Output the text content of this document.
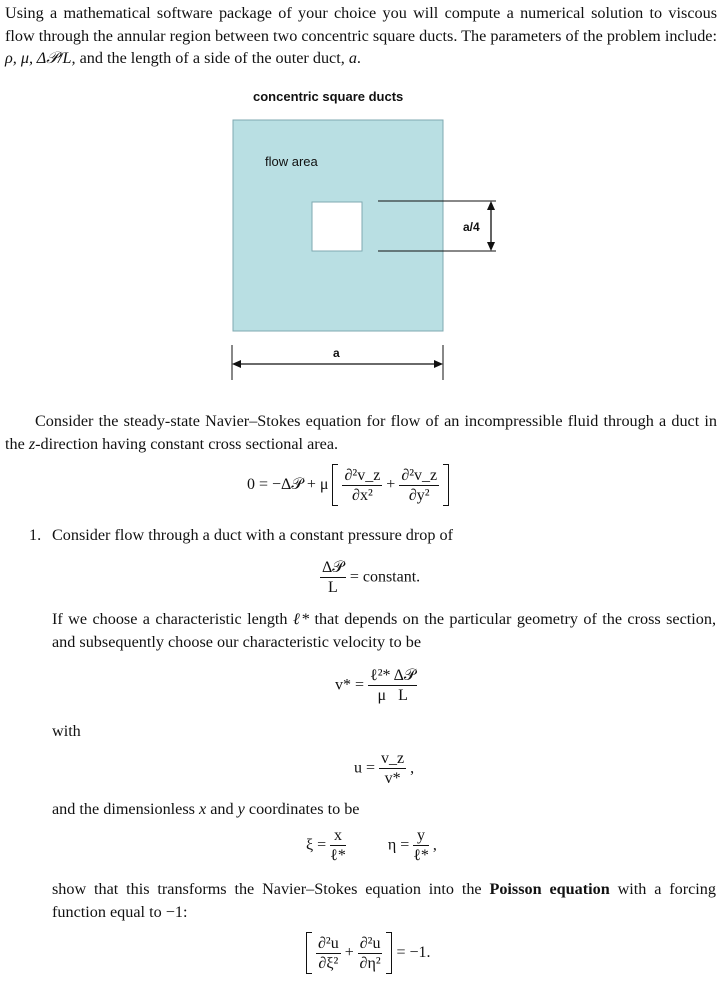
Using a mathematical software package of your choice you will compute a numerical solution to viscous flow through the annular region between two concentric square ducts. The parameters of the problem include: ρ, μ, Δ𝒫/L, and the length of a side of the outer duct, a.

concentric square ducts
flow area
a/4
a

Consider the steady-state Navier–Stokes equation for flow of an incompressible fluid through a duct in the z-direction having constant cross sectional area.

0 = −Δ𝒫 + μ $\frac{\text{∂²v\_z}}{\text{∂x²}} + \frac{\text{∂²v\_z}}{\text{∂y²}}$

1. Consider flow through a duct with a constant pressure drop of
$\frac{\text{Δ𝒫}}{L}$ = constant.

If we choose a characteristic length ℓ* that depends on the particular geometry of the cross section, and subsequently choose our characteristic velocity to be

$v* = \frac{\text{ℓ²* Δ𝒫}}{\text{μ   L}}$
with
$u = \frac{v\_z}{v*}$ ,

and the dimensionless x and y coordinates to be

$\xi = \frac{x}{\text{ℓ*}}$	$\eta = \frac{y}{\text{ℓ*}}$ ,

show that this transforms the Navier–Stokes equation into the Poisson equation with a forcing function equal to −1:

$\frac{\text{∂²u}}{\text{∂ξ²}} + \frac{\text{∂²u}}{\text{∂η²}} = -1$.
